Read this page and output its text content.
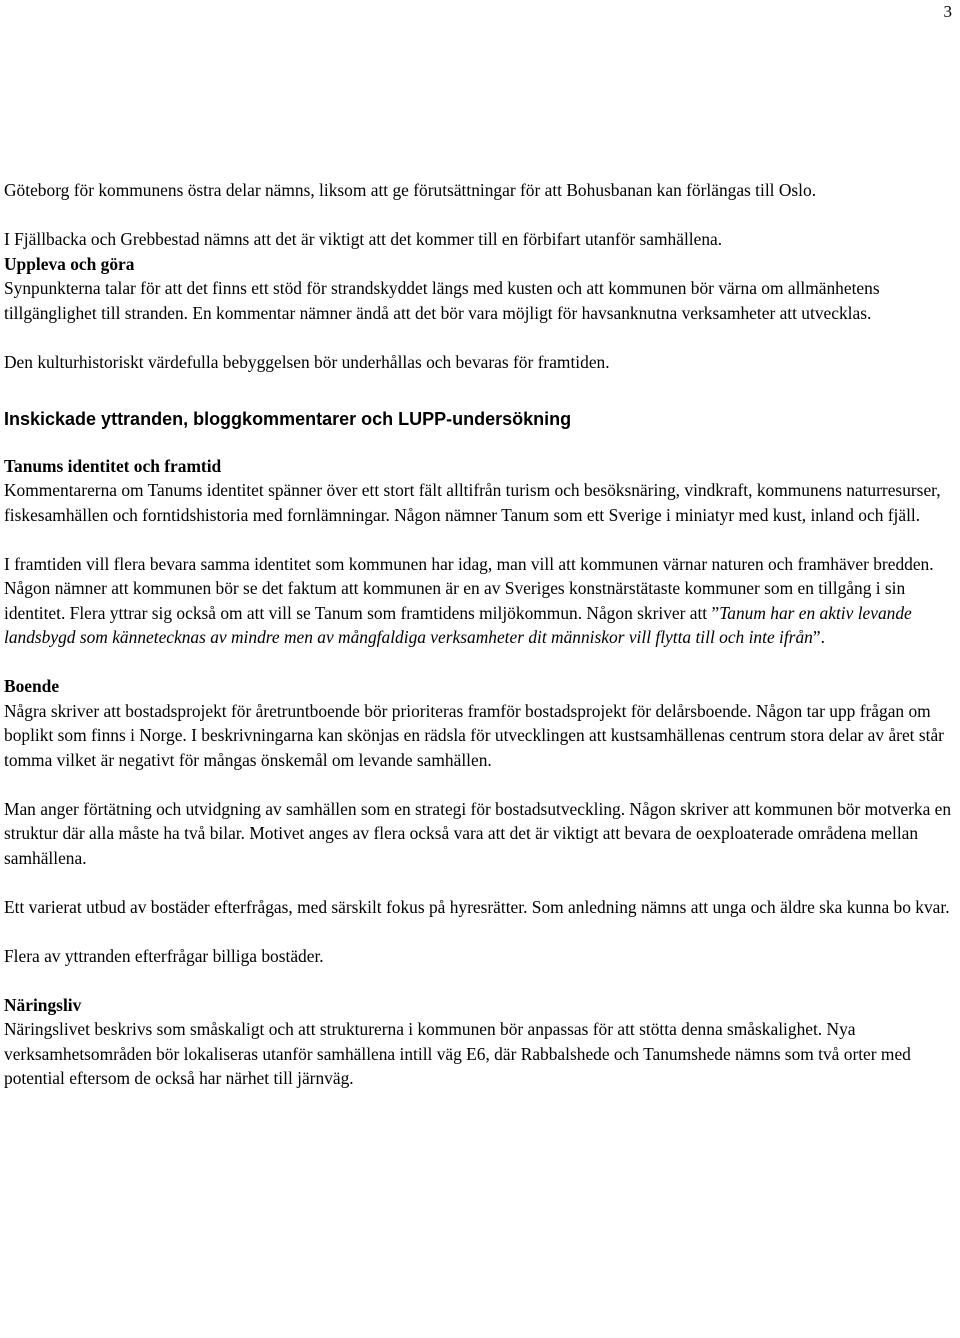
3

Göteborg för kommunens östra delar nämns, liksom att ge förutsättningar för att Bohusbanan kan förlängas till Oslo.

I Fjällbacka och Grebbestad nämns att det är viktigt att det kommer till en förbifart utanför samhällena.

Uppleva och göra

Synpunkterna talar för att det finns ett stöd för strandskyddet längs med kusten och att kommunen bör värna om allmänhetens tillgänglighet till stranden. En kommentar nämner ändå att det bör vara möjligt för havsanknutna verksamheter att utvecklas.

Den kulturhistoriskt värdefulla bebyggelsen bör underhållas och bevaras för framtiden.

Inskickade yttranden, bloggkommentarer och LUPP-undersökning

Tanums identitet och framtid

Kommentarerna om Tanums identitet spänner över ett stort fält alltifrån turism och besöksnäring, vindkraft, kommunens naturresurser, fiskesamhällen och forntidshistoria med fornlämningar. Någon nämner Tanum som ett Sverige i miniatyr med kust, inland och fjäll.

I framtiden vill flera bevara samma identitet som kommunen har idag, man vill att kommunen värnar naturen och framhäver bredden. Någon nämner att kommunen bör se det faktum att kommunen är en av Sveriges konstnärstätaste kommuner som en tillgång i sin identitet. Flera yttrar sig också om att vill se Tanum som framtidens miljökommun. Någon skriver att ”Tanum har en aktiv levande landsbygd som kännetecknas av mindre men av mångfaldiga verksamheter dit människor vill flytta till och inte ifrån”.

Boende

Några skriver att bostadsprojekt för åretruntboende bör prioriteras framför bostadsprojekt för delårsboende. Någon tar upp frågan om boplikt som finns i Norge. I beskrivningarna kan skönjas en rädsla för utvecklingen att kustsamhällenas centrum stora delar av året står tomma vilket är negativt för mångas önskemål om levande samhällen.

Man anger förtätning och utvidgning av samhällen som en strategi för bostadsutveckling. Någon skriver att kommunen bör motverka en struktur där alla måste ha två bilar. Motivet anges av flera också vara att det är viktigt att bevara de oexploaterade områdena mellan samhällena.

Ett varierat utbud av bostäder efterfrågas, med särskilt fokus på hyresrätter. Som anledning nämns att unga och äldre ska kunna bo kvar.

Flera av yttranden efterfrågar billiga bostäder.

Näringsliv

Näringslivet beskrivs som småskaligt och att strukturerna i kommunen bör anpassas för att stötta denna småskalighet. Nya verksamhetsområden bör lokaliseras utanför samhällena intill väg E6, där Rabbalshede och Tanumshede nämns som två orter med potential eftersom de också har närhet till järnväg.
